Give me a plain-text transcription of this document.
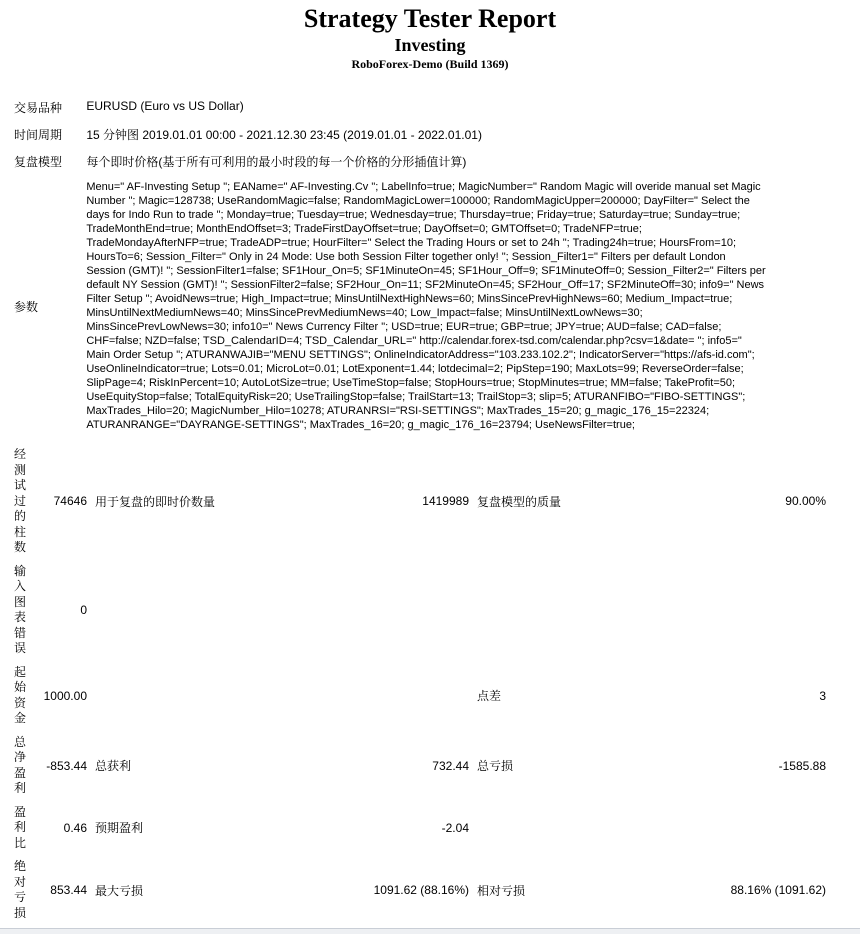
Strategy Tester Report
Investing
RoboForex-Demo (Build 1369)
交易品种	EURUSD (Euro vs US Dollar)
时间周期	15 分钟图 2019.01.01 00:00 - 2021.12.30 23:45 (2019.01.01 - 2022.01.01)
复盘模型	每个即时价格(基于所有可利用的最小时段的每一个价格的分形插值计算)
参数	
Menu=" AF-Investing Setup "; EAName=" AF-Investing.Cv "; LabelInfo=true; MagicNumber=" Random Magic will overide manual set Magic
Number "; Magic=128738; UseRandomMagic=false; RandomMagicLower=100000; RandomMagicUpper=200000; DayFilter=" Select the
days for Indo Run to trade "; Monday=true; Tuesday=true; Wednesday=true; Thursday=true; Friday=true; Saturday=true; Sunday=true;
TradeMonthEnd=true; MonthEndOffset=3; TradeFirstDayOffset=true; DayOffset=0; GMTOffset=0; TradeNFP=true;
TradeMondayAfterNFP=true; TradeADP=true; HourFilter=" Select the Trading Hours or set to 24h "; Trading24h=true; HoursFrom=10;
HoursTo=6; Session_Filter=" Only in 24 Mode: Use both Session Filter together only! "; Session_Filter1=" Filters per default London
Session (GMT)! "; SessionFilter1=false; SF1Hour_On=5; SF1MinuteOn=45; SF1Hour_Off=9; SF1MinuteOff=0; Session_Filter2=" Filters per
default NY Session (GMT)! "; SessionFilter2=false; SF2Hour_On=11; SF2MinuteOn=45; SF2Hour_Off=17; SF2MinuteOff=30; info9=" News
Filter Setup "; AvoidNews=true; High_Impact=true; MinsUntilNextHighNews=60; MinsSincePrevHighNews=60; Medium_Impact=true;
MinsUntilNextMediumNews=40; MinsSincePrevMediumNews=40; Low_Impact=false; MinsUntilNextLowNews=30;
MinsSincePrevLowNews=30; info10=" News Currency Filter "; USD=true; EUR=true; GBP=true; JPY=true; AUD=false; CAD=false;
CHF=false; NZD=false; TSD_CalendarID=4; TSD_Calendar_URL=" http://calendar.forex-tsd.com/calendar.php?csv=1&date= "; info5="
Main Order Setup "; ATURANWAJIB="MENU SETTINGS"; OnlineIndicatorAddress="103.233.102.2"; IndicatorServer="https://afs-id.com";
UseOnlineIndicator=true; Lots=0.01; MicroLot=0.01; LotExponent=1.44; lotdecimal=2; PipStep=190; MaxLots=99; ReverseOrder=false;
SlipPage=4; RiskInPercent=10; AutoLotSize=true; UseTimeStop=false; StopHours=true; StopMinutes=true; MM=false; TakeProfit=50;
UseEquityStop=false; TotalEquityRisk=20; UseTrailingStop=false; TrailStart=13; TrailStop=3; slip=5; ATURANFIBO="FIBO-SETTINGS";
MaxTrades_Hilo=20; MagicNumber_Hilo=10278; ATURANRSI="RSI-SETTINGS"; MaxTrades_15=20; g_magic_176_15=22324;
ATURANRANGE="DAYRANGE-SETTINGS"; MaxTrades_16=20; g_magic_176_16=23794; UseNewsFilter=true;
经测试过的柱数	74646	用于复盘的即时价数量	1419989	复盘模型的质量	90.00%
输入图表错误	0				
起始资金	1000.00			点差	3
总净盈利	-853.44	总获利	732.44	总亏损	-1585.88
盈利比	0.46	预期盈利	-2.04		
绝对亏损	853.44	最大亏损	1091.62 (88.16%)	相对亏损	88.16% (1091.62)
